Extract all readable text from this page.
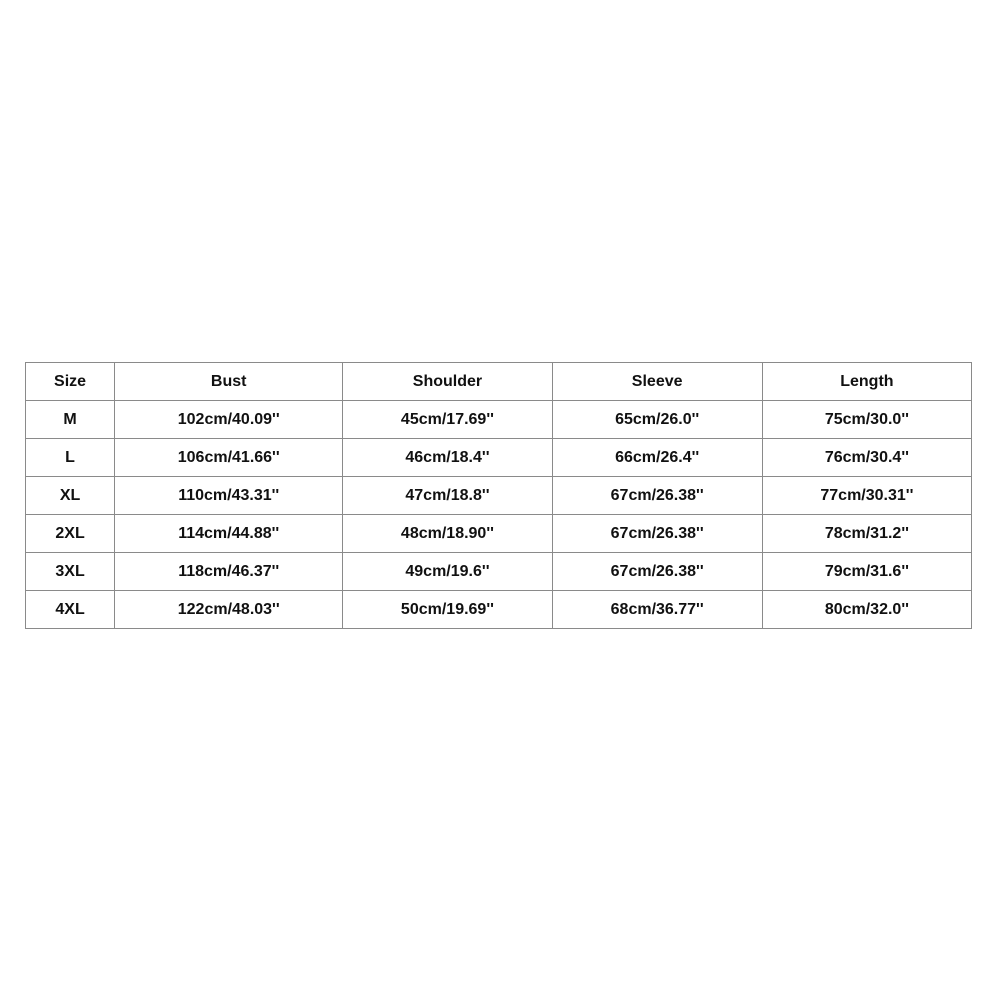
Size	Bust	Shoulder	Sleeve	Length
M	102cm/40.09''	45cm/17.69''	65cm/26.0''	75cm/30.0''
L	106cm/41.66''	46cm/18.4''	66cm/26.4''	76cm/30.4''
XL	110cm/43.31''	47cm/18.8''	67cm/26.38''	77cm/30.31''
2XL	114cm/44.88''	48cm/18.90''	67cm/26.38''	78cm/31.2''
3XL	118cm/46.37''	49cm/19.6''	67cm/26.38''	79cm/31.6''
4XL	122cm/48.03''	50cm/19.69''	68cm/36.77''	80cm/32.0''
